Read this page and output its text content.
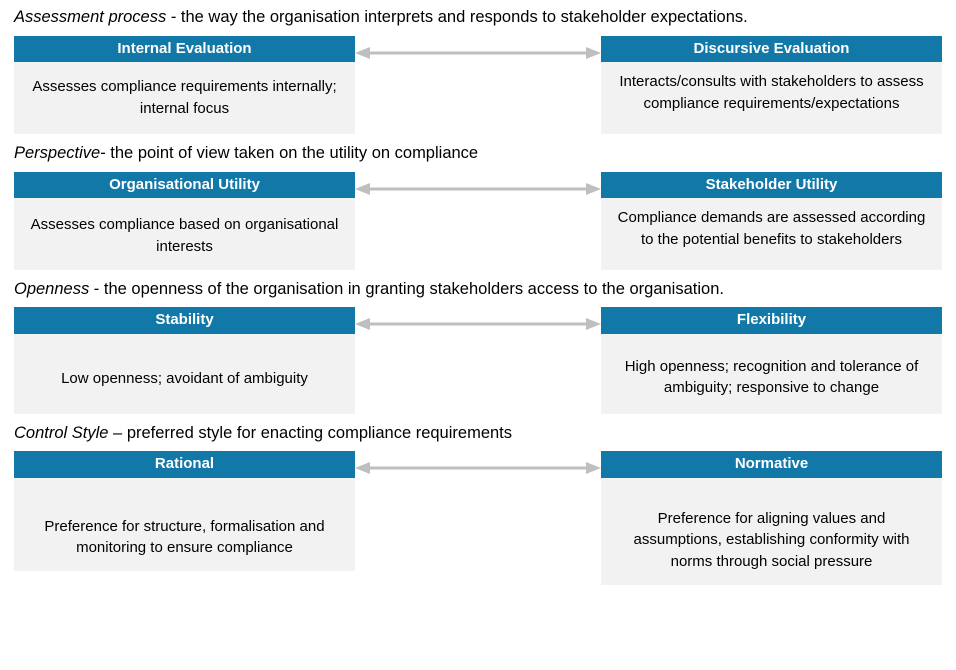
Assessment process - the way the organisation interprets and responds to stakeholder expectations.
Internal Evaluation
Assesses compliance requirements internally; internal focus
Discursive Evaluation
Interacts/consults with stakeholders to assess compliance requirements/expectations
Perspective- the point of view taken on the utility on compliance
Organisational Utility
Assesses compliance based on organisational interests
Stakeholder Utility
Compliance demands are assessed according to the potential benefits to stakeholders
Openness - the openness of the organisation in granting stakeholders access to the organisation.
Stability
Low openness; avoidant of ambiguity
Flexibility
High openness; recognition and tolerance of ambiguity; responsive to change
Control Style – preferred style for enacting compliance requirements
Rational
Preference for structure, formalisation and monitoring to ensure compliance
Normative
Preference for aligning values and assumptions, establishing conformity with norms through social pressure
